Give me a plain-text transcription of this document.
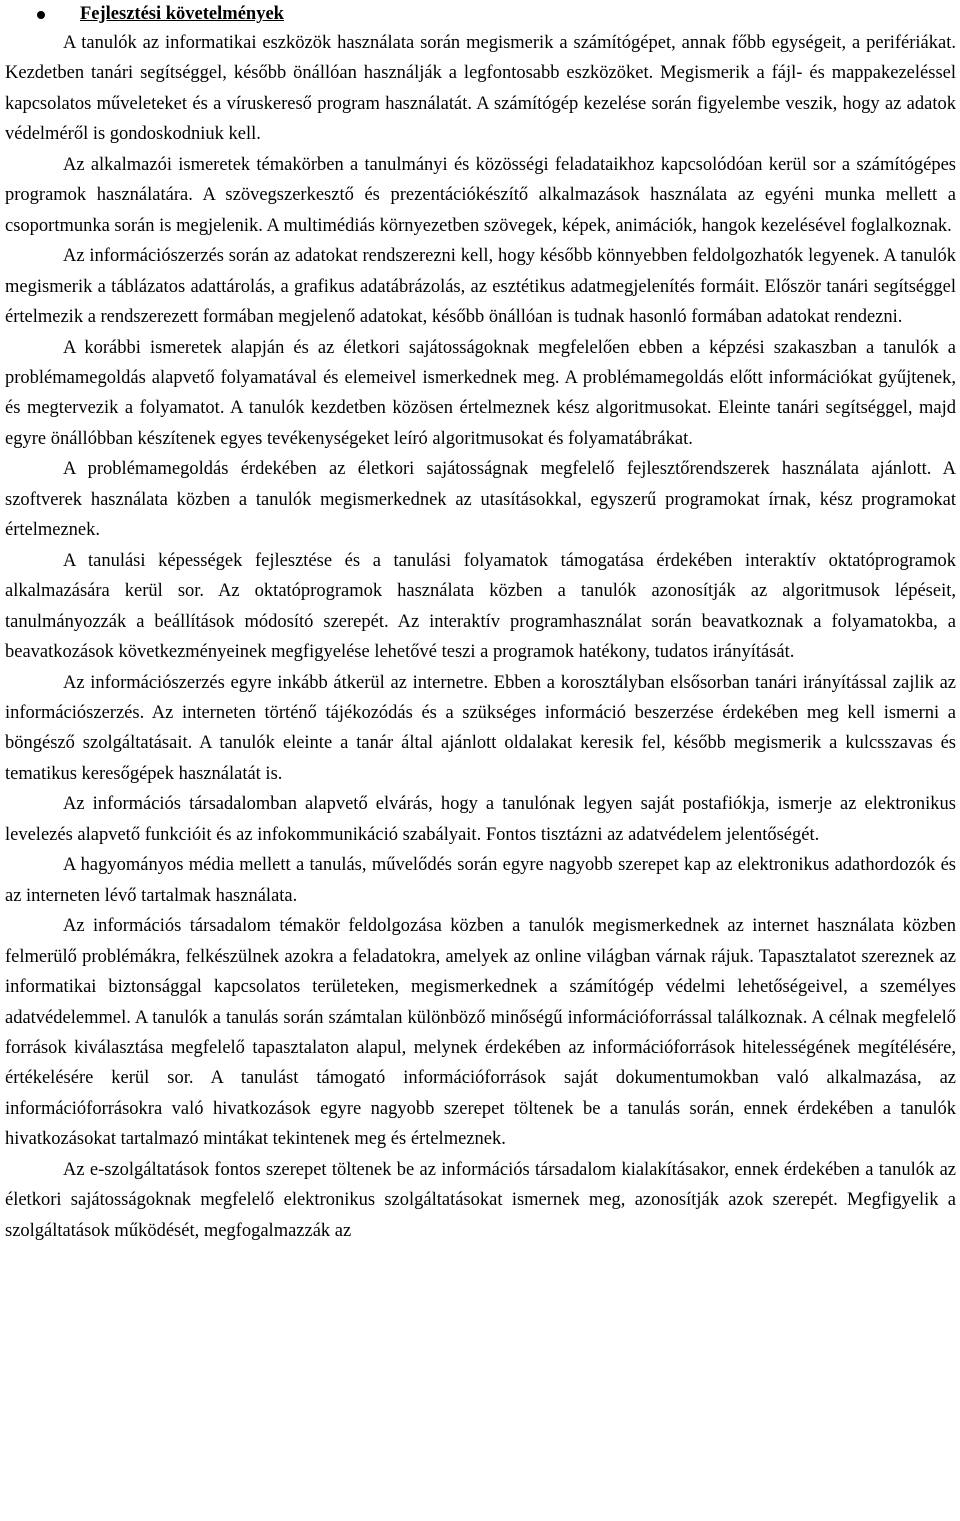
Fejlesztési követelmények

A tanulók az informatikai eszközök használata során megismerik a számítógépet, annak főbb egységeit, a perifériákat. Kezdetben tanári segítséggel, később önállóan használják a legfontosabb eszközöket. Megismerik a fájl- és mappakezeléssel kapcsolatos műveleteket és a víruskereső program használatát. A számítógép kezelése során figyelembe veszik, hogy az adatok védelméről is gondoskodniuk kell.

Az alkalmazói ismeretek témakörben a tanulmányi és közösségi feladataikhoz kapcsolódóan kerül sor a számítógépes programok használatára. A szövegszerkesztő és prezentációkészítő alkalmazások használata az egyéni munka mellett a csoportmunka során is megjelenik. A multimédiás környezetben szövegek, képek, animációk, hangok kezelésével foglalkoznak.

Az információszerzés során az adatokat rendszerezni kell, hogy később könnyebben feldolgozhatók legyenek. A tanulók megismerik a táblázatos adattárolás, a grafikus adatábrázolás, az esztétikus adatmegjelenítés formáit. Először tanári segítséggel értelmezik a rendszerezett formában megjelenő adatokat, később önállóan is tudnak hasonló formában adatokat rendezni.

A korábbi ismeretek alapján és az életkori sajátosságoknak megfelelően ebben a képzési szakaszban a tanulók a problémamegoldás alapvető folyamatával és elemeivel ismerkednek meg. A problémamegoldás előtt információkat gyűjtenek, és megtervezik a folyamatot. A tanulók kezdetben közösen értelmeznek kész algoritmusokat. Eleinte tanári segítséggel, majd egyre önállóbban készítenek egyes tevékenységeket leíró algoritmusokat és folyamatábrákat.

A problémamegoldás érdekében az életkori sajátosságnak megfelelő fejlesztőrendszerek használata ajánlott. A szoftverek használata közben a tanulók megismerkednek az utasításokkal, egyszerű programokat írnak, kész programokat értelmeznek.

A tanulási képességek fejlesztése és a tanulási folyamatok támogatása érdekében interaktív oktatóprogramok alkalmazására kerül sor. Az oktatóprogramok használata közben a tanulók azonosítják az algoritmusok lépéseit, tanulmányozzák a beállítások módosító szerepét. Az interaktív programhasználat során beavatkoznak a folyamatokba, a beavatkozások következményeinek megfigyelése lehetővé teszi a programok hatékony, tudatos irányítását.

Az információszerzés egyre inkább átkerül az internetre. Ebben a korosztályban elsősorban tanári irányítással zajlik az információszerzés. Az interneten történő tájékozódás és a szükséges információ beszerzése érdekében meg kell ismerni a böngésző szolgáltatásait. A tanulók eleinte a tanár által ajánlott oldalakat keresik fel, később megismerik a kulcsszavas és tematikus keresőgépek használatát is.

Az információs társadalomban alapvető elvárás, hogy a tanulónak legyen saját postafiókja, ismerje az elektronikus levelezés alapvető funkcióit és az infokommunikáció szabályait. Fontos tisztázni az adatvédelem jelentőségét.

A hagyományos média mellett a tanulás, művelődés során egyre nagyobb szerepet kap az elektronikus adathordozók és az interneten lévő tartalmak használata.

Az információs társadalom témakör feldolgozása közben a tanulók megismerkednek az internet használata közben felmerülő problémákra, felkészülnek azokra a feladatokra, amelyek az online világban várnak rájuk. Tapasztalatot szereznek az informatikai biztonsággal kapcsolatos területeken, megismerkednek a számítógép védelmi lehetőségeivel, a személyes adatvédelemmel. A tanulók a tanulás során számtalan különböző minőségű információforrással találkoznak. A célnak megfelelő források kiválasztása megfelelő tapasztalaton alapul, melynek érdekében az információforrások hitelességének megítélésére, értékelésére kerül sor. A tanulást támogató információforrások saját dokumentumokban való alkalmazása, az információforrásokra való hivatkozások egyre nagyobb szerepet töltenek be a tanulás során, ennek érdekében a tanulók hivatkozásokat tartalmazó mintákat tekintenek meg és értelmeznek.

Az e-szolgáltatások fontos szerepet töltenek be az információs társadalom kialakításakor, ennek érdekében a tanulók az életkori sajátosságoknak megfelelő elektronikus szolgáltatásokat ismernek meg, azonosítják azok szerepét. Megfigyelik a szolgáltatások működését, megfogalmazzák az
